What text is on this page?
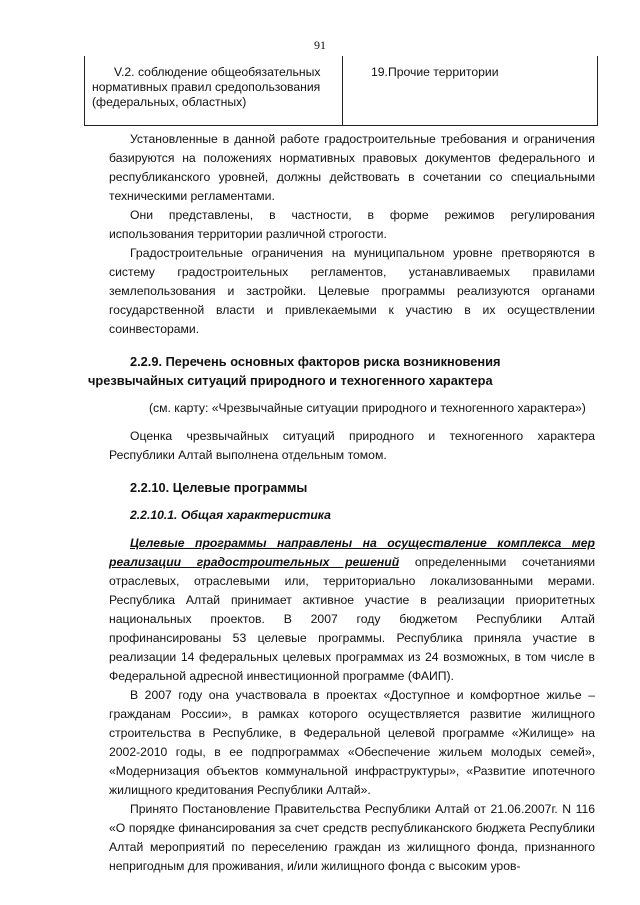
91
V.2. соблюдение общеобязательных
нормативных правил средопользования (федеральных, областных)
19.Прочие территории

Установленные в данной работе градостроительные требования и ограничения базируются на положениях нормативных правовых документов федерального и республиканского уровней, должны действовать в сочетании со специальными техническими регламентами.

Они представлены, в частности, в форме режимов регулирования использования территории различной строгости.

Градостроительные ограничения на муниципальном уровне претворяются в систему градостроительных регламентов, устанавливаемых правилами землепользования и застройки. Целевые программы реализуются органами государственной власти и привлекаемыми к участию в их осуществлении соинвесторами.

2.2.9. Перечень основных факторов риска возникновения
чрезвычайных ситуаций природного и техногенного характера

(см. карту: «Чрезвычайные ситуации природного и техногенного характера»)

Оценка чрезвычайных ситуаций природного и техногенного характера Республики Алтай выполнена отдельным томом.

2.2.10. Целевые программы
2.2.10.1. Общая характеристика

Целевые программы направлены на осуществление комплекса мер реализации градостроительных решений определенными сочетаниями отраслевых, отраслевыми или, территориально локализованными мерами. Республика Алтай принимает активное участие в реализации приоритетных национальных проектов. В 2007 году бюджетом Республики Алтай профинансированы 53 целевые программы. Республика приняла участие в реализации 14 федеральных целевых программах из 24 возможных, в том числе в Федеральной адресной инвестиционной программе (ФАИП).

В 2007 году она участвовала в проектах «Доступное и комфортное жилье – гражданам России», в рамках которого осуществляется развитие жилищного строительства в Республике, в Федеральной целевой программе «Жилище» на 2002-2010 годы, в ее подпрограммах «Обеспечение жильем молодых семей», «Модернизация объектов коммунальной инфраструктуры», «Развитие ипотечного жилищного кредитования Республики Алтай».

Принято Постановление Правительства Республики Алтай от 21.06.2007г. N 116 «О порядке финансирования за счет средств республиканского бюджета Республики Алтай мероприятий по переселению граждан из жилищного фонда, признанного непригодным для проживания, и/или жилищного фонда с высоким уров-
